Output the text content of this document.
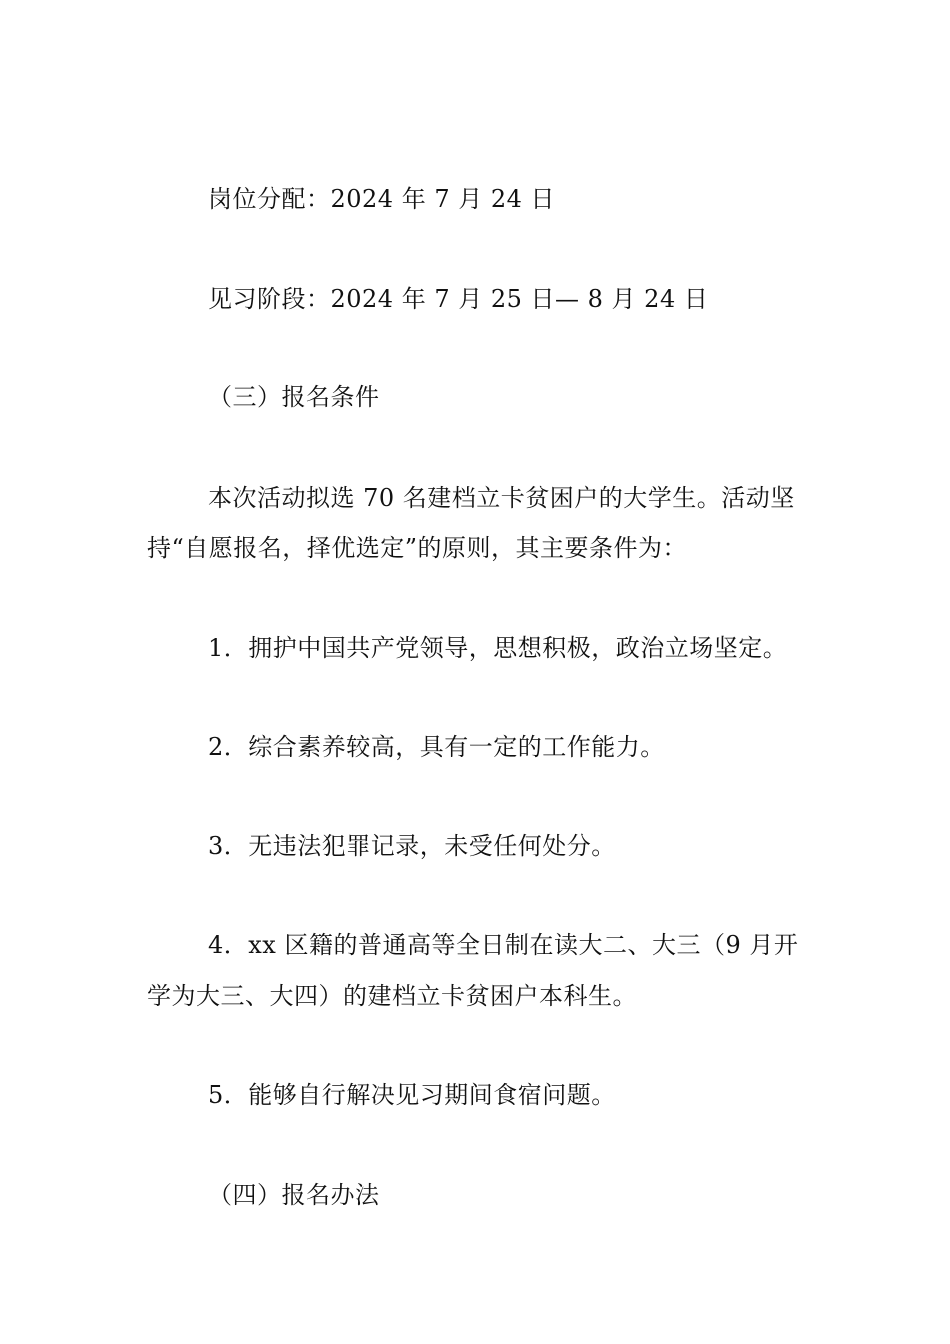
岗位分配：2024 年 7 月 24 日
见习阶段：2024 年 7 月 25 日— 8 月 24 日
（三）报名条件
本次活动拟选 70 名建档立卡贫困户的大学生。活动坚
持“自愿报名，择优选定”的原则，其主要条件为：
1．拥护中国共产党领导，思想积极，政治立场坚定。
2．综合素养较高，具有一定的工作能力。
3．无违法犯罪记录，未受任何处分。
4．xx 区籍的普通高等全日制在读大二、大三（9 月开
学为大三、大四）的建档立卡贫困户本科生。
5．能够自行解决见习期间食宿问题。
（四）报名办法
